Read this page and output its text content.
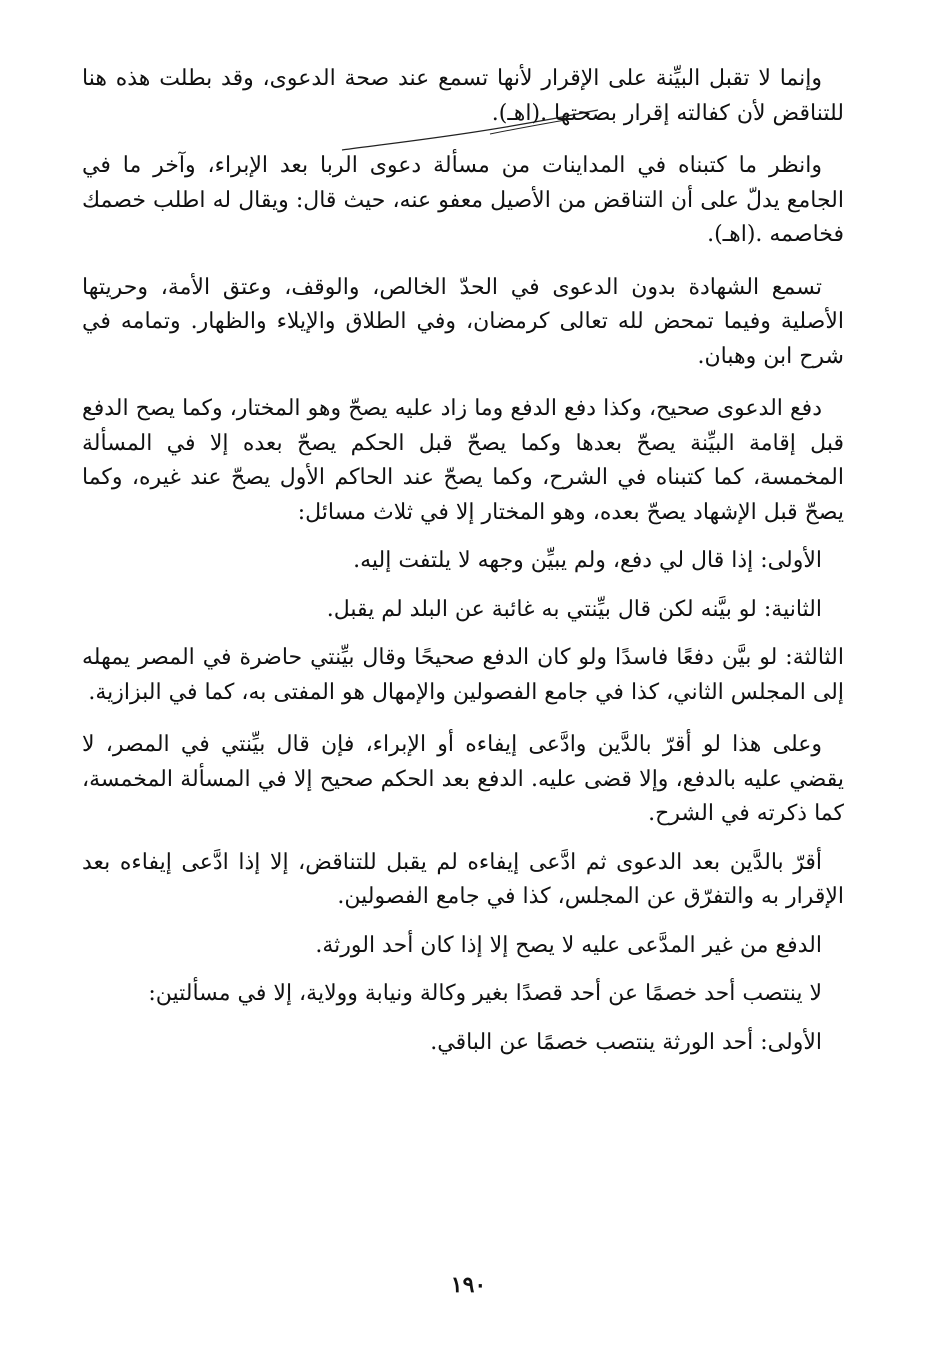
وإنما لا تقبل البيِّنة على الإقرار لأنها تسمع عند صحة الدعوى، وقد بطلت هذه هنا للتناقض لأن كفالته إقرار بصحتها .(اهـ).

وانظر ما كتبناه في المداينات من مسألة دعوى الربا بعد الإبراء، وآخر ما في الجامع يدلّ على أن التناقض من الأصيل معفو عنه، حيث قال: ويقال له اطلب خصمك فخاصمه .(اهـ).

تسمع الشهادة بدون الدعوى في الحدّ الخالص، والوقف، وعتق الأمة، وحريتها الأصلية وفيما تمحض لله تعالى كرمضان، وفي الطلاق والإيلاء والظهار. وتمامه في شرح ابن وهبان.

دفع الدعوى صحيح، وكذا دفع الدفع وما زاد عليه يصحّ وهو المختار، وكما يصح الدفع قبل إقامة البيِّنة يصحّ بعدها وكما يصحّ قبل الحكم يصحّ بعده إلا في المسألة المخمسة، كما كتبناه في الشرح، وكما يصحّ عند الحاكم الأول يصحّ عند غيره، وكما يصحّ قبل الإشهاد يصحّ بعده، وهو المختار إلا في ثلاث مسائل:

الأولى: إذا قال لي دفع، ولم يبيِّن وجهه لا يلتفت إليه.

الثانية: لو بيَّنه لكن قال بيِّنتي به غائبة عن البلد لم يقبل.

الثالثة: لو بيَّن دفعًا فاسدًا ولو كان الدفع صحيحًا وقال بيِّنتي حاضرة في المصر يمهله إلى المجلس الثاني، كذا في جامع الفصولين والإمهال هو المفتى به، كما في البزازية.

وعلى هذا لو أقرّ بالدَّين وادَّعى إيفاءه أو الإبراء، فإن قال بيِّنتي في المصر، لا يقضي عليه بالدفع، وإلا قضى عليه. الدفع بعد الحكم صحيح إلا في المسألة المخمسة، كما ذكرته في الشرح.

أقرّ بالدَّين بعد الدعوى ثم ادَّعى إيفاءه لم يقبل للتناقض، إلا إذا ادَّعى إيفاءه بعد الإقرار به والتفرّق عن المجلس، كذا في جامع الفصولين.

الدفع من غير المدَّعى عليه لا يصح إلا إذا كان أحد الورثة.

لا ينتصب أحد خصمًا عن أحد قصدًا بغير وكالة ونيابة وولاية، إلا في مسألتين:

الأولى: أحد الورثة ينتصب خصمًا عن الباقي.

١٩٠
